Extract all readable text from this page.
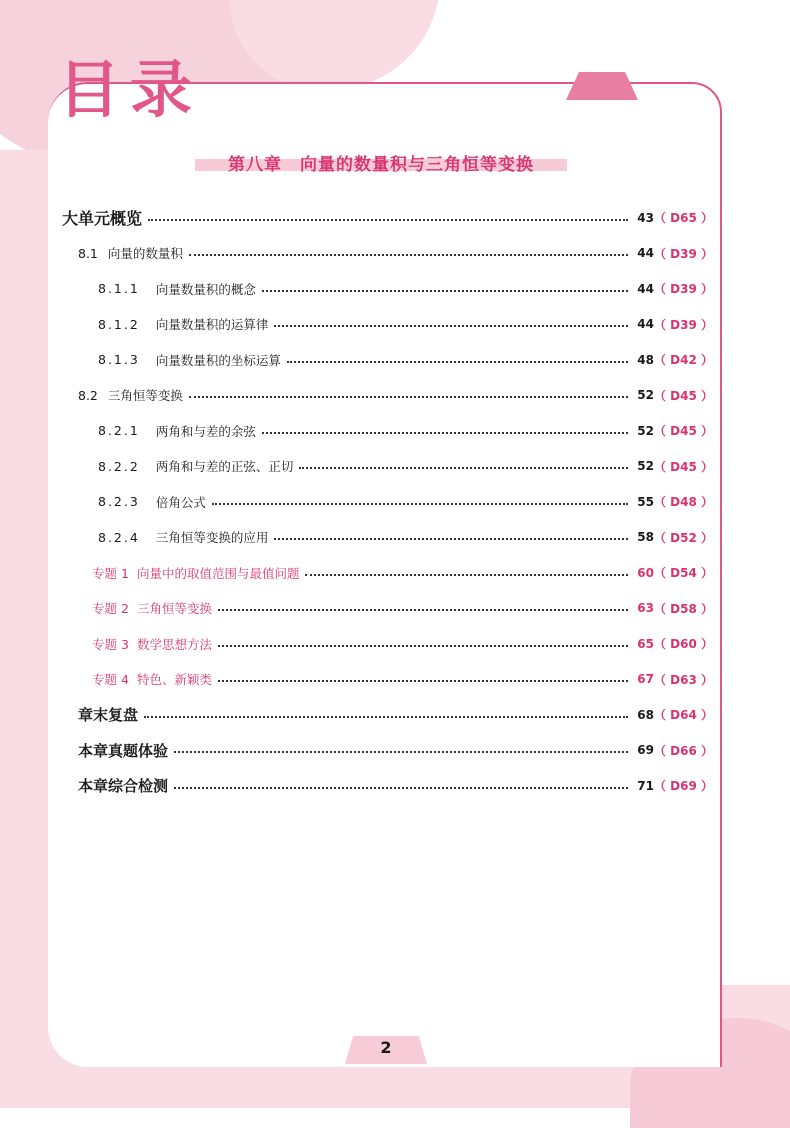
目录
第八章　向量的数量积与三角恒等变换
大单元概览	43 （ D65 ）
8.1 向量的数量积	44 （ D39 ）
8.1.1 向量数量积的概念	44 （ D39 ）
8.1.2 向量数量积的运算律	44 （ D39 ）
8.1.3 向量数量积的坐标运算	48 （ D42 ）
8.2 三角恒等变换	52 （ D45 ）
8.2.1 两角和与差的余弦	52 （ D45 ）
8.2.2 两角和与差的正弦、正切	52 （ D45 ）
8.2.3 倍角公式	55 （ D48 ）
8.2.4 三角恒等变换的应用	58 （ D52 ）
专题 1 向量中的取值范围与最值问题	60 （ D54 ）
专题 2 三角恒等变换	63 （ D58 ）
专题 3 数学思想方法	65 （ D60 ）
专题 4 特色、新颖类	67 （ D63 ）
章末复盘	68 （ D64 ）
本章真题体验	69 （ D66 ）
本章综合检测	71 （ D69 ）
2
